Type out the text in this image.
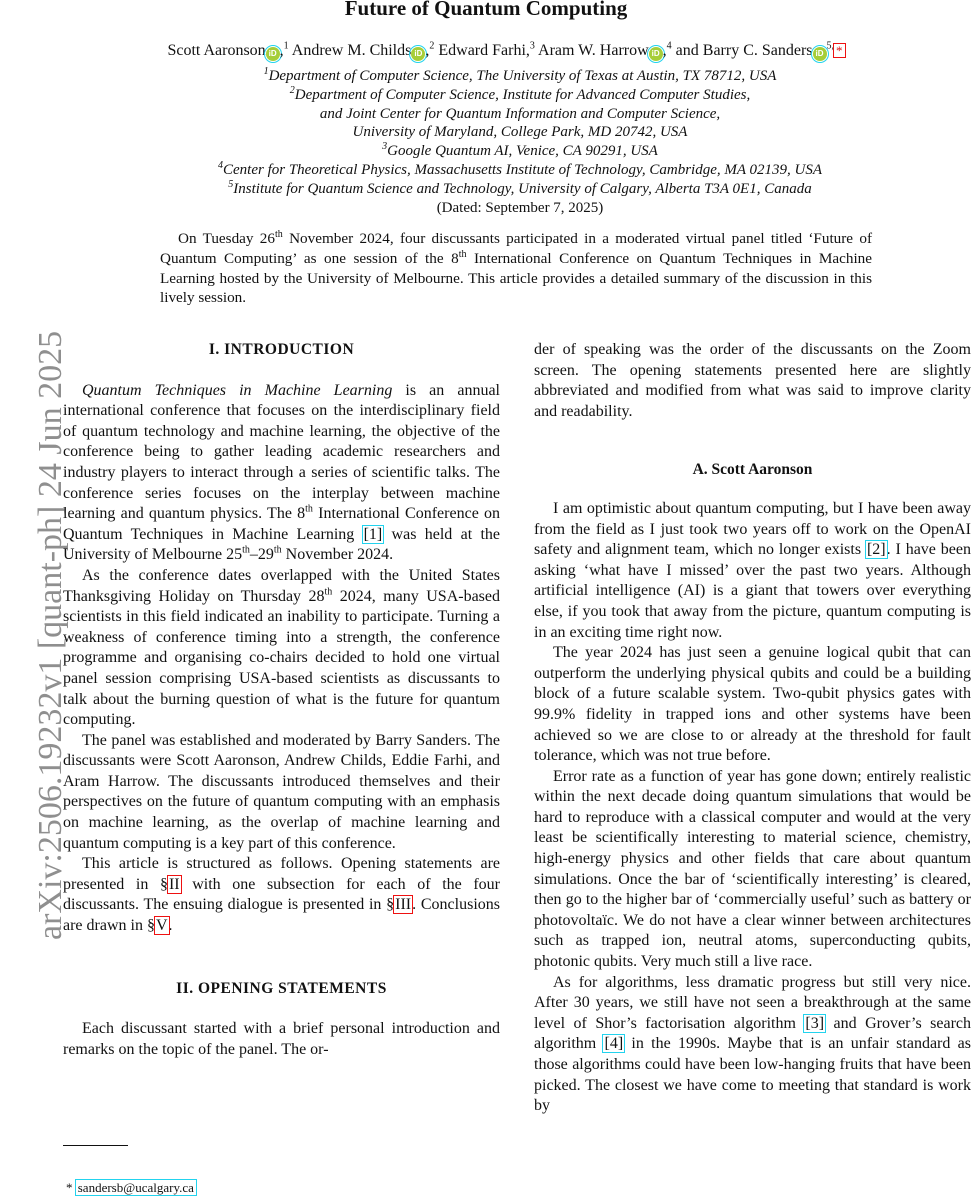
arXiv:2506.19232v1 [quant-ph] 24 Jun 2025
Future of Quantum Computing
Scott Aaronson iD ,$^1$ Andrew M. Childs iD ,$^2$ Edward Farhi,$^3$ Aram W. Harrow iD ,$^4$ and Barry C. Sanders $iD^{5,}$ *
$^1$Department of Computer Science, The University of Texas at Austin, TX 78712, USA
$^2$Department of Computer Science, Institute for Advanced Computer Studies,
and Joint Center for Quantum Information and Computer Science,
University of Maryland, College Park, MD 20742, USA
$^3$Google Quantum AI, Venice, CA 90291, USA
$^4$Center for Theoretical Physics, Massachusetts Institute of Technology, Cambridge, MA 02139, USA
$^5$Institute for Quantum Science and Technology, University of Calgary, Alberta T3A 0E1, Canada
(Dated: September 7, 2025)
On Tuesday 26th November 2024, four discussants participated in a moderated virtual panel titled ‘Future of Quantum Computing’ as one session of the 8th International Conference on Quantum Techniques in Machine Learning hosted by the University of Melbourne. This article provides a detailed summary of the discussion in this lively session.
I. INTRODUCTION

Quantum Techniques in Machine Learning is an annual international conference that focuses on the interdisciplinary field of quantum technology and machine learning, the objective of the conference being to gather leading academic researchers and industry players to interact through a series of scientific talks. The conference series focuses on the interplay between machine learning and quantum physics. The 8th International Conference on Quantum Techniques in Machine Learning [1] was held at the University of Melbourne 25th–29th November 2024.

As the conference dates overlapped with the United States Thanksgiving Holiday on Thursday 28th 2024, many USA-based scientists in this field indicated an inability to participate. Turning a weakness of conference timing into a strength, the conference programme and organising co-chairs decided to hold one virtual panel session comprising USA-based scientists as discussants to talk about the burning question of what is the future for quantum computing.

The panel was established and moderated by Barry Sanders. The discussants were Scott Aaronson, Andrew Childs, Eddie Farhi, and Aram Harrow. The discussants introduced themselves and their perspectives on the future of quantum computing with an emphasis on machine learning, as the overlap of machine learning and quantum computing is a key part of this conference.

This article is structured as follows. Opening statements are presented in §II with one subsection for each of the four discussants. The ensuing dialogue is presented in §III. Conclusions are drawn in §V.

II. OPENING STATEMENTS

Each discussant started with a brief personal introduction and remarks on the topic of the panel. The or-

* sandersb@ucalgary.ca

der of speaking was the order of the discussants on the Zoom screen. The opening statements presented here are slightly abbreviated and modified from what was said to improve clarity and readability.

A. Scott Aaronson

I am optimistic about quantum computing, but I have been away from the field as I just took two years off to work on the OpenAI safety and alignment team, which no longer exists [2]. I have been asking ‘what have I missed’ over the past two years. Although artificial intelligence (AI) is a giant that towers over everything else, if you took that away from the picture, quantum computing is in an exciting time right now.

The year 2024 has just seen a genuine logical qubit that can outperform the underlying physical qubits and could be a building block of a future scalable system. Two-qubit physics gates with 99.9% fidelity in trapped ions and other systems have been achieved so we are close to or already at the threshold for fault tolerance, which was not true before.

Error rate as a function of year has gone down; entirely realistic within the next decade doing quantum simulations that would be hard to reproduce with a classical computer and would at the very least be scientifically interesting to material science, chemistry, high-energy physics and other fields that care about quantum simulations. Once the bar of ‘scientifically interesting’ is cleared, then go to the higher bar of ‘commercially useful’ such as battery or photovoltaïc. We do not have a clear winner between architectures such as trapped ion, neutral atoms, superconducting qubits, photonic qubits. Very much still a live race.

As for algorithms, less dramatic progress but still very nice. After 30 years, we still have not seen a breakthrough at the same level of Shor’s factorisation algorithm [3] and Grover’s search algorithm [4] in the 1990s. Maybe that is an unfair standard as those algorithms could have been low-hanging fruits that have been picked. The closest we have come to meeting that standard is work by
